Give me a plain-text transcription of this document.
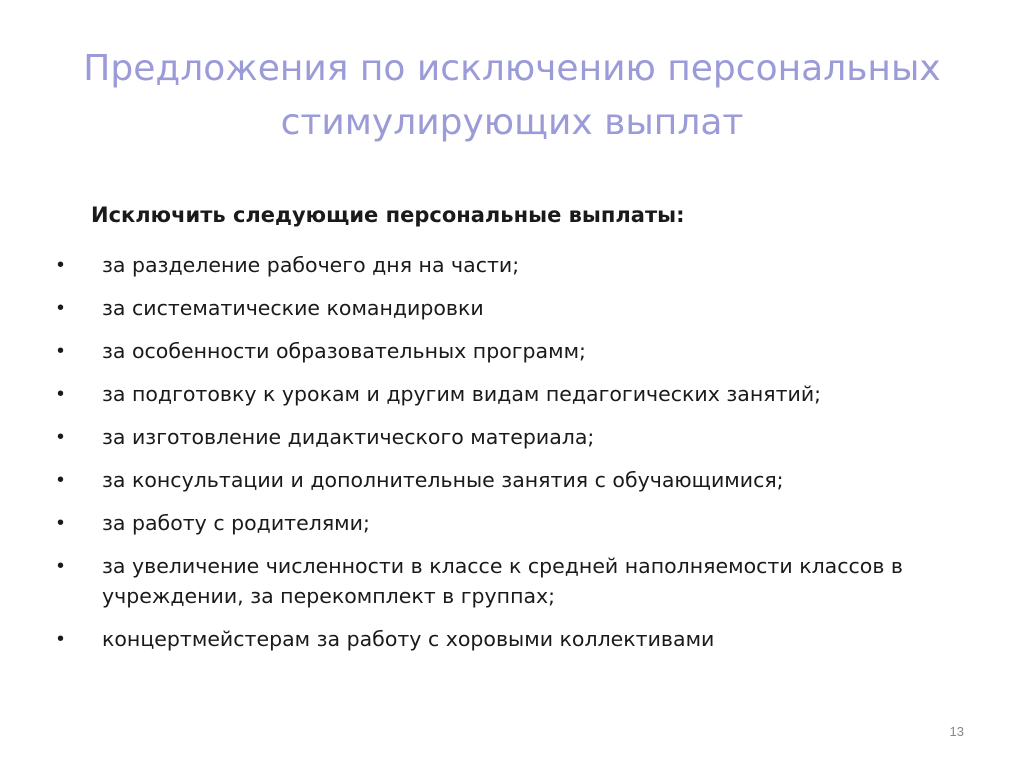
Предложения по исключению персональных стимулирующих выплат
Исключить следующие персональные выплаты:
•	за разделение рабочего дня на части;
•	за систематические командировки
•	за особенности образовательных программ;
•	за подготовку к урокам и другим видам педагогических занятий;
•	за изготовление дидактического материала;
•	за консультации и дополнительные занятия с обучающимися;
•	за работу с родителями;
•	за увеличение численности в классе к средней наполняемости классов в учреждении, за перекомплект в группах;
•	концертмейстерам за работу с хоровыми коллективами
13
